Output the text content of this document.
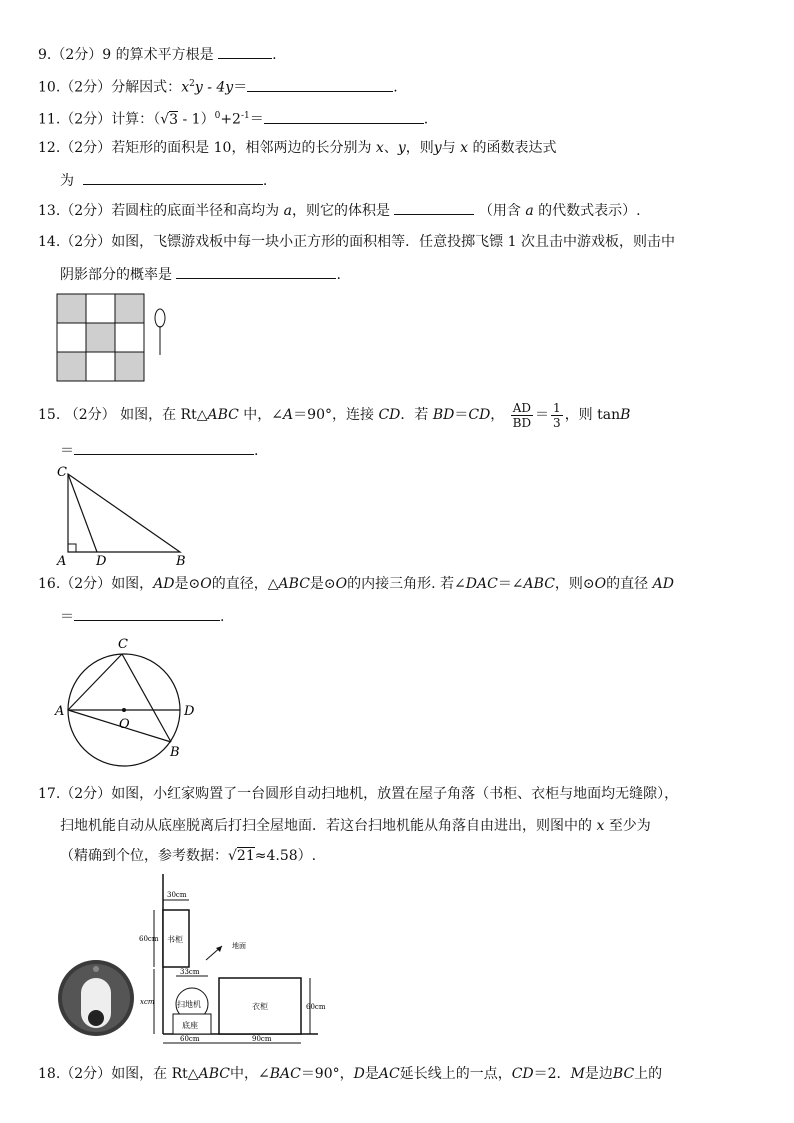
9.（2分）9 的算术平方根是	.
10.（2分）分解因式：$x^2y - 4y=$	.
11.（2分）计算：$(√3 - 1)^0+2^{-1}=$	.
12.（2分）若矩形的面积是 10，相邻两边的长分别为 x、y，则y与 x 的函数表达式
为	.
13.（2分）若圆柱的底面半径和高均为 a，则它的体积是	（用含 a 的代数式表示）.
14.（2分）如图，飞镖游戏板中每一块小正方形的面积相等．任意投掷飞镖 1 次且击中游戏板，则击中
阴影部分的概率是	.
15. （2分） 如图，在 Rt△ABC 中，∠A＝90°，连接 CD．若 BD＝CD， $\frac{AD}{BD} = \frac{1}{3}$ ，则 tanB
＝	.
C
A D	B
16.（2分）如图，AD是⊙O的直径，△ABC是⊙O的内接三角形. 若∠DAC＝∠ABC，则⊙O的直径 AD
＝	.
C
A
O
D
B
17.（2分）如图，小红家购置了一台圆形自动扫地机，放置在屋子角落（书柜、衣柜与地面均无缝隙），
扫地机能自动从底座脱离后打扫全屋地面．若这台扫地机能从角落自由进出，则图中的 x 至少为
（精确到个位，参考数据：√21≈4.58）.
书柜
30cm
60cm
地面
33cm
扫地机
底座
xcm	衣柜	60cm
60cm	90cm
18.（2分）如图，在 Rt△ABC中，∠BAC＝90°，D是AC延长线上的一点，CD＝2．M是边BC上的
